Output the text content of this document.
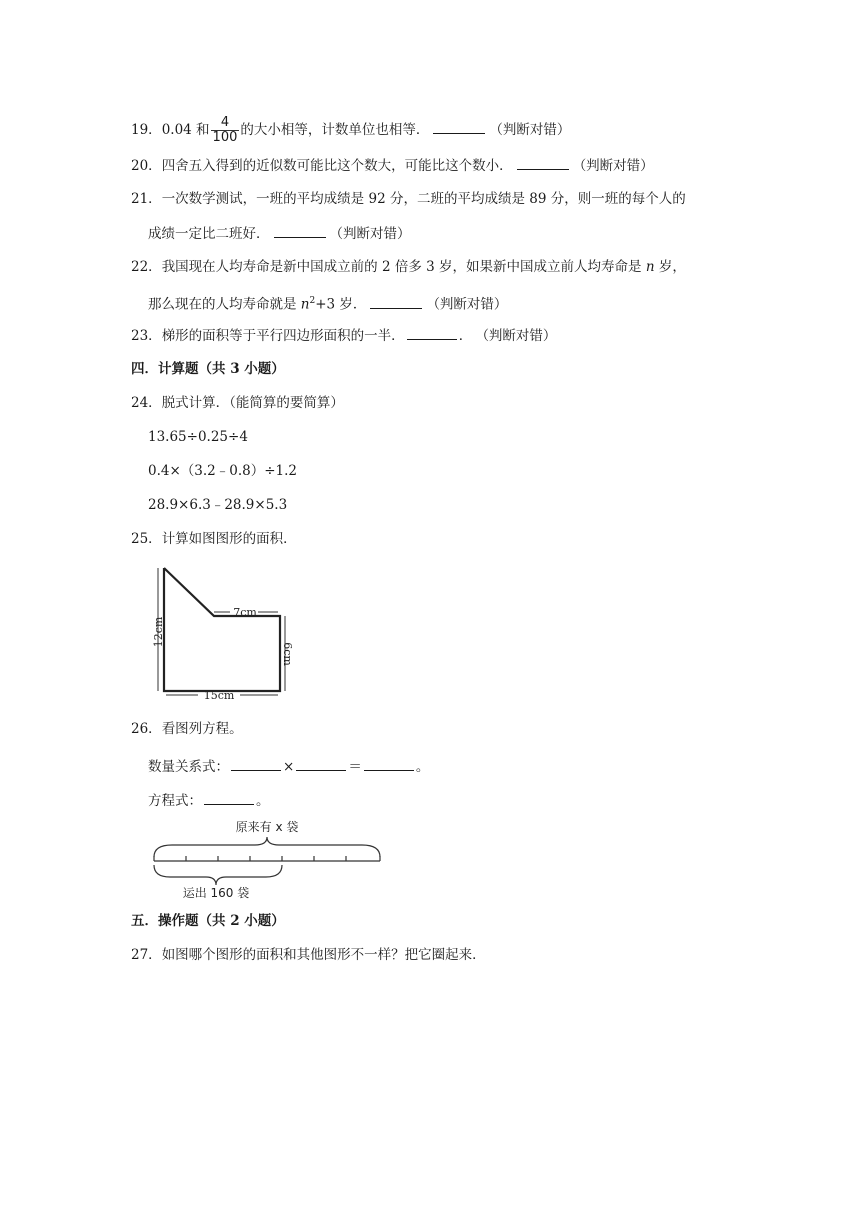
19．0.04 和 $\frac{4}{100}$ 的大小相等，计数单位也相等．	（判断对错）
20．四舍五入得到的近似数可能比这个数大，可能比这个数小．	（判断对错）
21．一次数学测试，一班的平均成绩是 92 分，二班的平均成绩是 89 分，则一班的每个人的
成绩一定比二班好．	（判断对错）
22．我国现在人均寿命是新中国成立前的 2 倍多 3 岁，如果新中国成立前人均寿命是 n 岁，
那么现在的人均寿命就是 $n^2+3$ 岁．	（判断对错）
23．梯形的面积等于平行四边形面积的一半．	． （判断对错）
四．计算题（共 3 小题）
24．脱式计算．（能简算的要简算）
13.65÷0.25÷4
0.4×（3.2﹣0.8）÷1.2
28.9×6.3﹣28.9×5.3
25．计算如图图形的面积．
12cm
7cm
6cm
15cm
26．看图列方程。
数量关系式：	×	＝	。
方程式：	。
原来有 x 袋
运出 160 袋
五．操作题（共 2 小题）
27．如图哪个图形的面积和其他图形不一样？把它圈起来．
